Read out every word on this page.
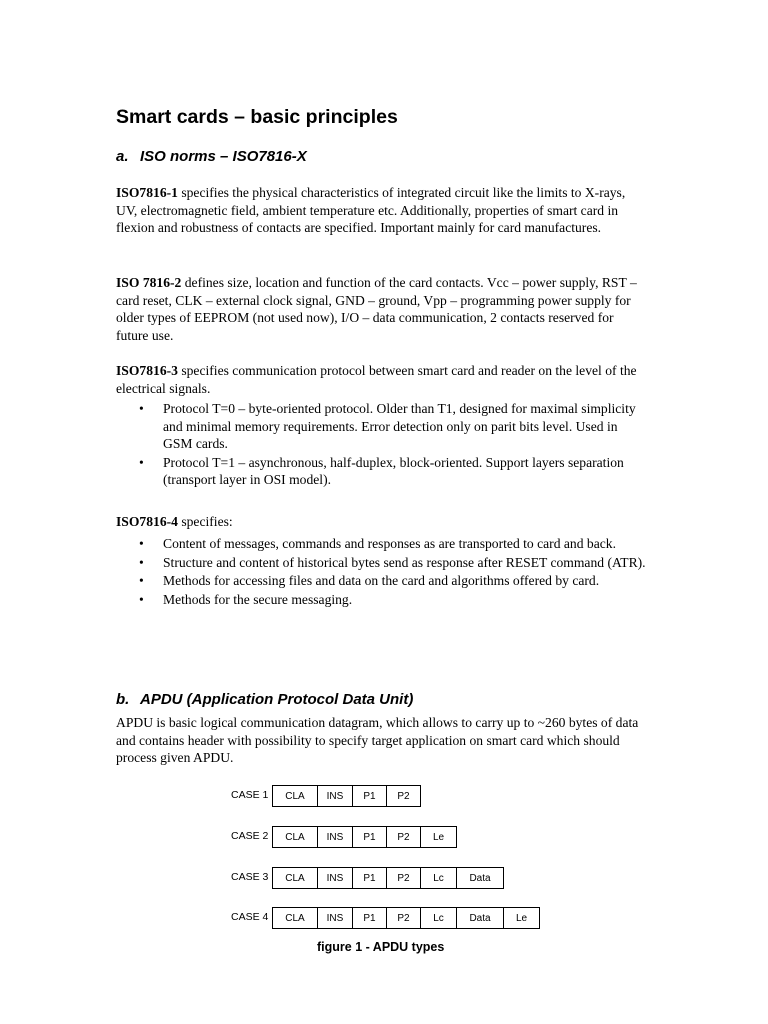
Smart cards – basic principles
a. ISO norms – ISO7816-X

ISO7816-1 specifies the physical characteristics of integrated circuit like the limits to X-rays, UV, electromagnetic field, ambient temperature etc. Additionally, properties of smart card in flexion and robustness of contacts are specified. Important mainly for card manufactures.

ISO 7816-2 defines size, location and function of the card contacts. Vcc – power supply, RST – card reset, CLK – external clock signal, GND – ground, Vpp – programming power supply for older types of EEPROM (not used now), I/O – data communication, 2 contacts reserved for future use.

ISO7816-3 specifies communication protocol between smart card and reader on the level of the electrical signals.

• Protocol T=0 – byte-oriented protocol. Older than T1, designed for maximal simplicity and minimal memory requirements. Error detection only on parit bits level. Used in GSM cards.
• Protocol T=1 – asynchronous, half-duplex, block-oriented. Support layers separation (transport layer in OSI model).

ISO7816-4 specifies:

• Content of messages, commands and responses as are transported to card and back.
• Structure and content of historical bytes send as response after RESET command (ATR).
• Methods for accessing files and data on the card and algorithms offered by card.
• Methods for the secure messaging.
b. APDU (Application Protocol Data Unit)

APDU is basic logical communication datagram, which allows to carry up to ~260 bytes of data and contains header with possibility to specify target application on smart card which should process given APDU.

CASE 1	CLA	INS	P1	P2
CASE 2	CLA	INS	P1	P2	Le
CASE 3	CLA	INS	P1	P2	Lc	Data
CASE 4	CLA	INS	P1	P2	Lc	Data	Le
figure 1 - APDU types
